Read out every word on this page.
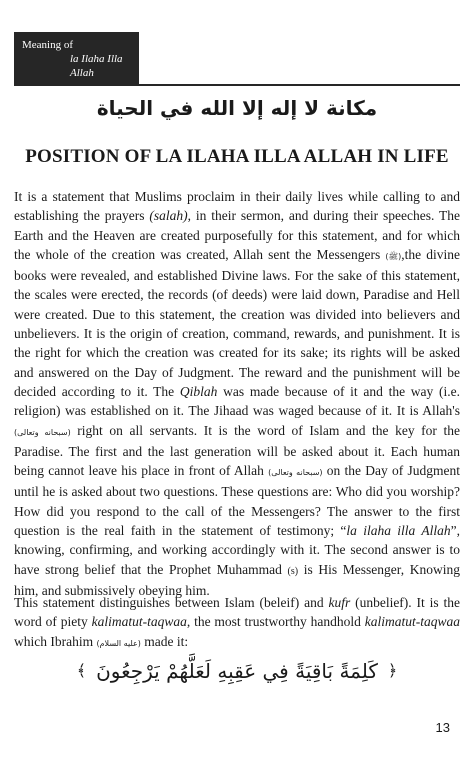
Meaning of
la Ilaha Illa Allah
مكانة لا إله إلا الله في الحياة
POSITION OF LA ILAHA ILLA ALLAH IN LIFE

It is a statement that Muslims proclaim in their daily lives while calling to and establishing the prayers (salah), in their sermon, and during their speeches. The Earth and the Heaven are created purposefully for this statement, and for which the whole of the creation was created, Allah sent the Messengers (ﷺ),the divine books were revealed, and established Divine laws. For the sake of this statement, the scales were erected, the records (of deeds) were laid down, Paradise and Hell were created. Due to this statement, the creation was divided into believers and unbelievers. It is the origin of creation, command, rewards, and punishment. It is the right for which the creation was created for its sake; its rights will be asked and answered on the Day of Judgment. The reward and the punishment will be decided according to it. The Qiblah was made because of it and the way (i.e. religion) was established on it. The Jihaad was waged because of it. It is Allah's (سبحانه وتعالى) right on all servants. It is the word of Islam and the key for the Paradise. The first and the last generation will be asked about it. Each human being cannot leave his place in front of Allah (سبحانه وتعالى) on the Day of Judgment until he is asked about two questions. These questions are: Who did you worship? How did you respond to the call of the Messengers? The answer to the first question is the real faith in the statement of testimony; “la ilaha illa Allah”, knowing, confirming, and working accordingly with it. The second answer is to have strong belief that the Prophet Muhammad (s) is His Messenger, Knowing him, and submissively obeying him.

This statement distinguishes between Islam (beleif) and kufr (unbelief). It is the word of piety kalimatut-taqwaa, the most trustworthy handhold kalimatut-taqwaa which Ibrahim (عليه السلام) made it:

﴾ كَلِمَةً بَاقِيَةً فِي عَقِبِهِ لَعَلَّهُمْ يَرْجِعُونَ ﴿
13
